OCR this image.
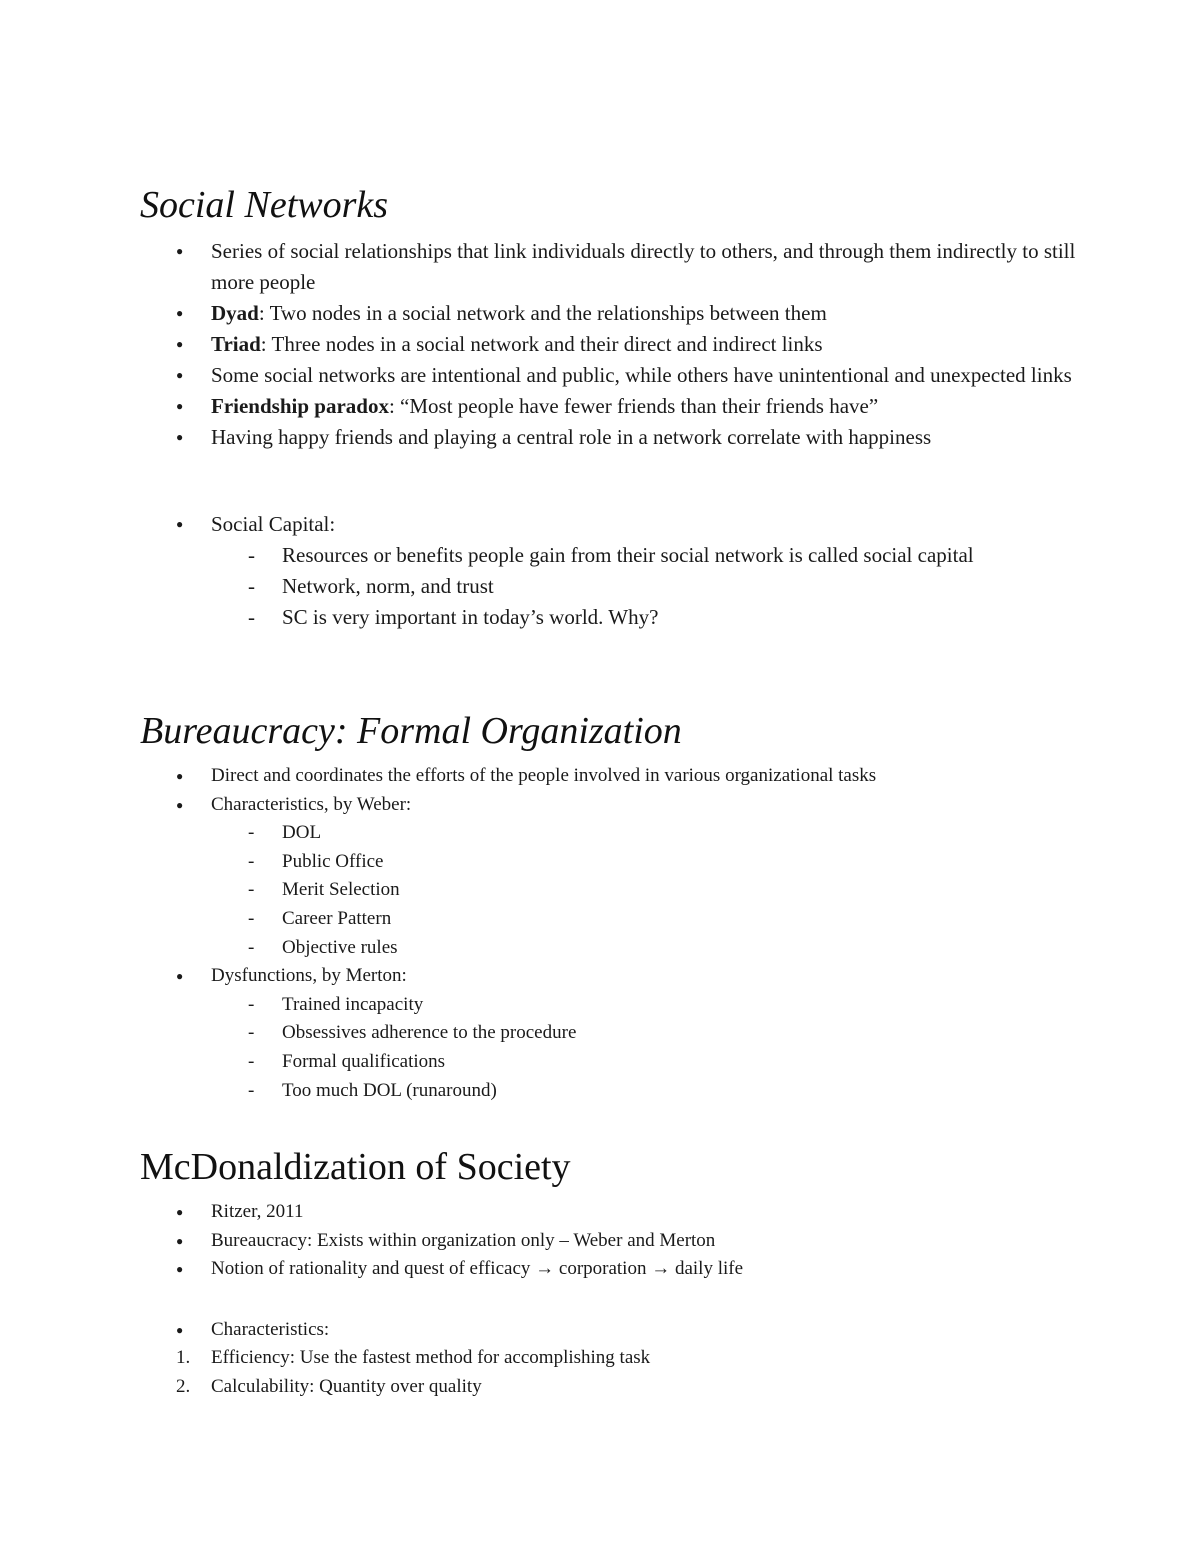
Social Networks
● Series of social relationships that link individuals directly to others, and through them indirectly to still more people
● Dyad: Two nodes in a social network and the relationships between them
● Triad: Three nodes in a social network and their direct and indirect links
● Some social networks are intentional and public, while others have unintentional and unexpected links
● Friendship paradox: “Most people have fewer friends than their friends have”
● Having happy friends and playing a central role in a network correlate with happiness
● Social Capital:
- Resources or benefits people gain from their social network is called social capital
- Network, norm, and trust
- SC is very important in today’s world. Why?
Bureaucracy: Formal Organization
● Direct and coordinates the efforts of the people involved in various organizational tasks
● Characteristics, by Weber:
- DOL
- Public Office
- Merit Selection
- Career Pattern
- Objective rules
● Dysfunctions, by Merton:
- Trained incapacity
- Obsessives adherence to the procedure
- Formal qualifications
- Too much DOL (runaround)
McDonaldization of Society
● Ritzer, 2011
● Bureaucracy: Exists within organization only – Weber and Merton
● Notion of rationality and quest of efficacy → corporation → daily life
● Characteristics:
1. Efficiency: Use the fastest method for accomplishing task
2. Calculability: Quantity over quality
